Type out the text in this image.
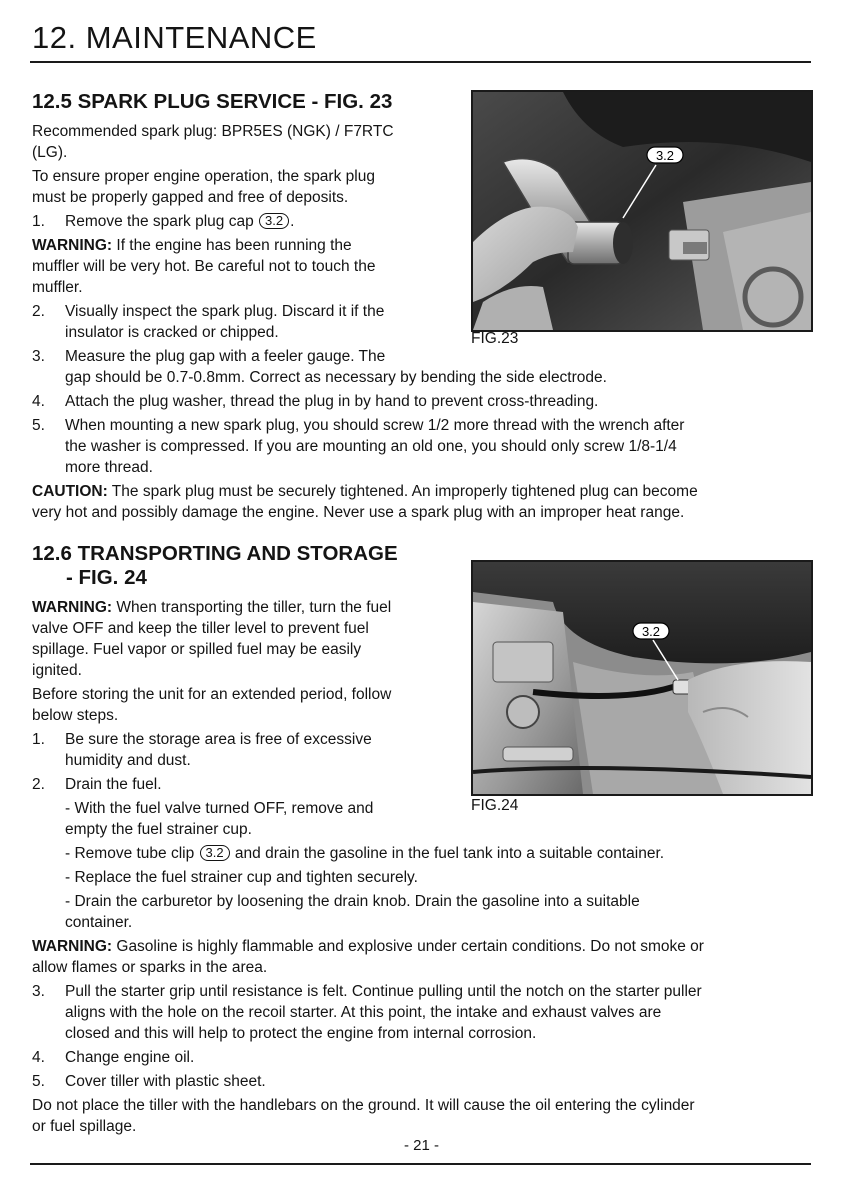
12. MAINTENANCE
12.5 SPARK PLUG SERVICE - FIG. 23
Recommended spark plug: BPR5ES (NGK) / F7RTC
(LG).
To ensure proper engine operation, the spark plug
must be properly gapped and free of deposits.
1. Remove the spark plug cap 3.2 .
WARNING: If the engine has been running the
muffler will be very hot. Be careful not to touch the
muffler.
2. Visually inspect the spark plug. Discard it if the
insulator is cracked or chipped.
3. Measure the plug gap with a feeler gauge. The
gap should be 0.7-0.8mm. Correct as necessary by bending the side electrode.
4. Attach the plug washer, thread the plug in by hand to prevent cross-threading.
5. When mounting a new spark plug, you should screw 1/2 more thread with the wrench after
the washer is compressed. If you are mounting an old one, you should only screw 1/8-1/4
more thread.
CAUTION: The spark plug must be securely tightened. An improperly tightened plug can become
very hot and possibly damage the engine. Never use a spark plug with an improper heat range.
3.2
FIG.23
12.6 TRANSPORTING AND STORAGE
- FIG. 24
WARNING: When transporting the tiller, turn the fuel
valve OFF and keep the tiller level to prevent fuel
spillage. Fuel vapor or spilled fuel may be easily
ignited.
Before storing the unit for an extended period, follow
below steps.
1. Be sure the storage area is free of excessive
humidity and dust.
2. Drain the fuel.
- With the fuel valve turned OFF, remove and
empty the fuel strainer cup.
- Remove tube clip 3.2 and drain the gasoline in the fuel tank into a suitable container.
- Replace the fuel strainer cup and tighten securely.
- Drain the carburetor by loosening the drain knob. Drain the gasoline into a suitable
container.
WARNING: Gasoline is highly flammable and explosive under certain conditions. Do not smoke or
allow flames or sparks in the area.
3. Pull the starter grip until resistance is felt. Continue pulling until the notch on the starter puller
aligns with the hole on the recoil starter. At this point, the intake and exhaust valves are
closed and this will help to protect the engine from internal corrosion.
4. Change engine oil.
5. Cover tiller with plastic sheet.
Do not place the tiller with the handlebars on the ground. It will cause the oil entering the cylinder
or fuel spillage.
3.2
FIG.24
- 21 -
